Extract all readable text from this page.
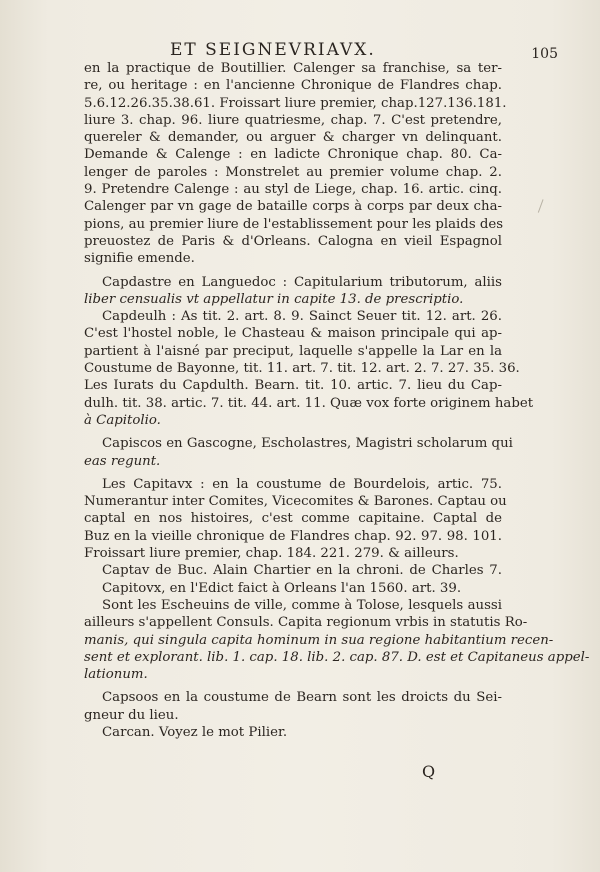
ET SEIGNEVRIAVX.	105
en la practique de Boutillier. Calenger sa franchise, sa ter-
re, ou heritage : en l'ancienne Chronique de Flandres chap.
5.6.12.26.35.38.61. Froissart liure premier, chap.127.136.181.
liure 3. chap. 96. liure quatriesme, chap. 7. C'est pretendre,
quereler & demander, ou arguer & charger vn delinquant.
Demande & Calenge : en ladicte Chronique chap. 80. Ca-
lenger de paroles : Monstrelet au premier volume chap. 2.
9. Pretendre Calenge : au styl de Liege, chap. 16. artic. cinq.
Calenger par vn gage de bataille corps à corps par deux cha-
pions, au premier liure de l'establissement pour les plaids des
preuostez de Paris & d'Orleans. Calogna en vieil Espagnol
signifie emende.
Capdastre en Languedoc : Capitularium tributorum, aliis
liber censualis vt appellatur in capite 13. de prescriptio.
Capdeulh : As tit. 2. art. 8. 9. Sainct Seuer tit. 12. art. 26.
C'est l'hostel noble, le Chasteau & maison principale qui ap-
partient à l'aisné par preciput, laquelle s'appelle la Lar en la
Coustume de Bayonne, tit. 11. art. 7. tit. 12. art. 2. 7. 27. 35. 36.
Les Iurats du Capdulth. Bearn. tit. 10. artic. 7. lieu du Cap-
dulh. tit. 38. artic. 7. tit. 44. art. 11. Quæ vox forte originem habet
à Capitolio.
Capiscos en Gascogne, Escholastres, Magistri scholarum qui
eas regunt.
Les Capitavx : en la coustume de Bourdelois, artic. 75.
Numerantur inter Comites, Vicecomites & Barones. Captau ou
captal en nos histoires, c'est comme capitaine. Captal de
Buz en la vieille chronique de Flandres chap. 92. 97. 98. 101.
Froissart liure premier, chap. 184. 221. 279. & ailleurs.
Captav de Buc. Alain Chartier en la chroni. de Charles 7.
Capitovx, en l'Edict faict à Orleans l'an 1560. art. 39.
Sont les Escheuins de ville, comme à Tolose, lesquels aussi
ailleurs s'appellent Consuls. Capita regionum vrbis in statutis Ro-
manis, qui singula capita hominum in sua regione habitantium recen-
sent et explorant. lib. 1. cap. 18. lib. 2. cap. 87. D. est et Capitaneus appel-
lationum.
Capsoos en la coustume de Bearn sont les droicts du Sei-
gneur du lieu.
Carcan. Voyez le mot Pilier.
Q
